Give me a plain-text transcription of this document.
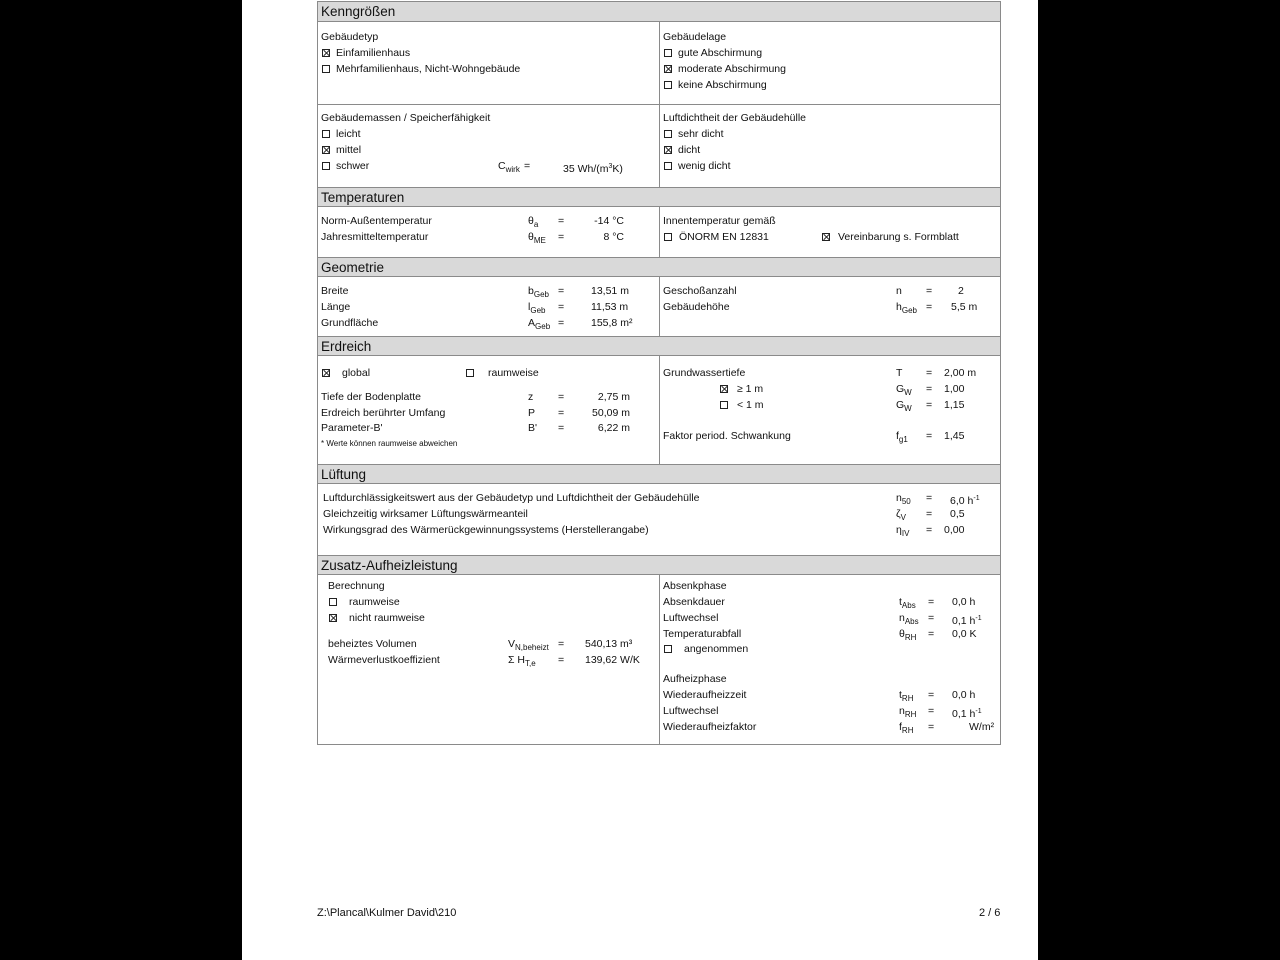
Kenngrößen
Gebäudetyp
Einfamilienhaus
Mehrfamilienhaus, Nicht-Wohngebäude
Gebäudelage
gute Abschirmung
moderate Abschirmung
keine Abschirmung
Gebäudemassen / Speicherfähigkeit
leicht
mittel
schwer	$C_{wirk}$ =	35 $Wh/(m^3K)$
Luftdichtheit der Gebäudehülle
sehr dicht
dicht
wenig dicht
Temperaturen
Norm-Außentemperatur	$\theta_a$ =	-14 °C
Jahresmitteltemperatur	$\theta_{ME}$ =	8 °C
Innentemperatur gemäß
ÖNORM EN 12831	Vereinbarung s. Formblatt
Geometrie
Breite	$b_{Geb}$ =	13,51 m
Länge	$l_{Geb}$ =	11,53 m
Grundfläche	$A_{Geb}$ =	155,8 m²
Geschoßanzahl	n = 2
Gebäudehöhe	$h_{Geb} = 5,5$ m
Erdreich
global	raumweise
Tiefe der Bodenplatte	z =	2,75 m
Erdreich berührter Umfang	P =	50,09 m
Parameter-B'	B' =	6,22 m
* Werte können raumweise abweichen
Grundwassertiefe	T = 2,00 m
≥ 1 m	$G_W = 1,00$
< 1 m	$G_W = 1,15$
Faktor period. Schwankung	$f_{g1} = 1,45$
Lüftung
Luftdurchlässigkeitswert aus der Gebäudetyp und Luftdichtheit der Gebäudehülle	$n_{50} = 6,0$ $h^{-1}$
Gleichzeitig wirksamer Lüftungswärmeanteil	$\zeta_V = 0,5$
Wirkungsgrad des Wärmerückgewinnungssystems (Herstellerangabe)	$\eta_{IV} = 0,00$
Zusatz-Aufheizleistung
Berechnung
raumweise
nicht raumweise
beheiztes Volumen	$V_{N,beheizt} = 540,13$ m³
Wärmeverlustkoeffizient	Σ $H_{T,e} = 139,62$ W/K
Absenkphase
Absenkdauer	$t_{Abs} = 0,0$ h
Luftwechsel	$n_{Abs} = 0,1$ $h^{-1}$
Temperaturabfall	$\theta_{RH} = 0,0$ K
angenommen
Aufheizphase
Wiederaufheizzeit	$t_{RH} = 0,0$ h
Luftwechsel	$n_{RH} = 0,1$ $h^{-1}$
Wiederaufheizfaktor	$f_{RH}$ =	W/m²
Z:\Plancal\Kulmer David\210	2 / 6
